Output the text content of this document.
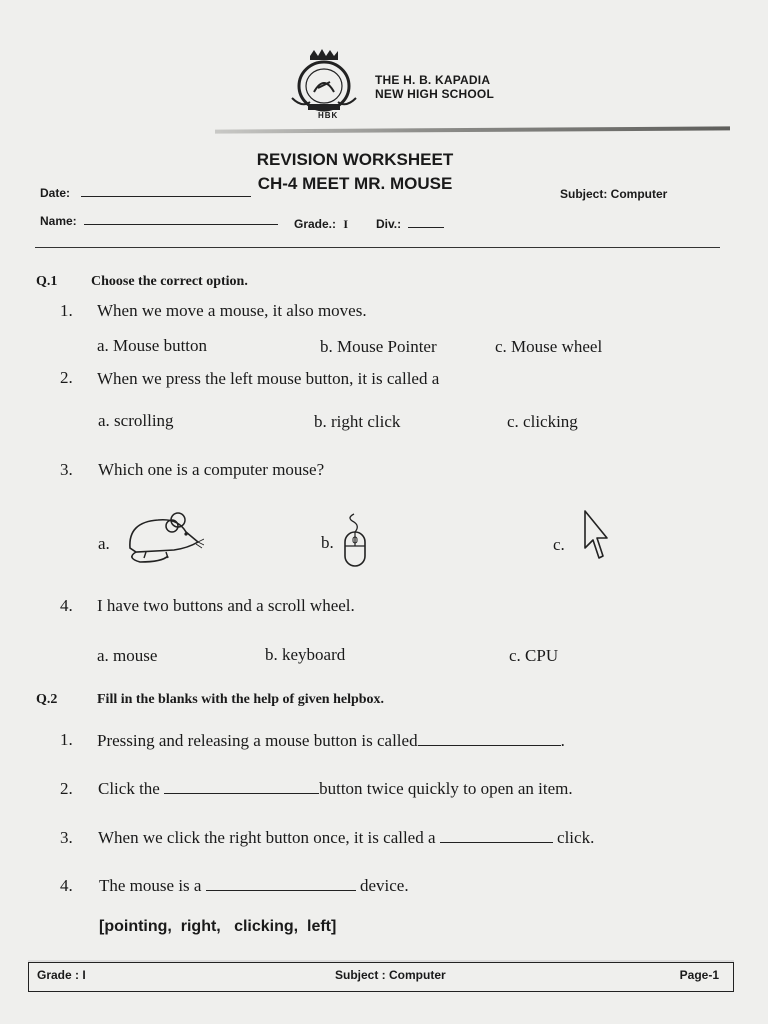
THE H. B. KAPADIA
NEW HIGH SCHOOL
HBK
REVISION WORKSHEET
CH-4 MEET MR. MOUSE
Date:	Subject: Computer
Name:	Grade.: I Div.:
Q.1 Choose the correct option.
1. When we move a mouse, it also moves.
a. Mouse button	b. Mouse Pointer	c. Mouse wheel
2. When we press the left mouse button, it is called a
a. scrolling	b. right click	c. clicking
3. Which one is a computer mouse?
a.	b.	c.
4. I have two buttons and a scroll wheel.
a. mouse	b. keyboard	c. CPU
Q.2	Fill in the blanks with the help of given helpbox.
1. Pressing and releasing a mouse button is called	.
2. Click the	button twice quickly to open an item.
3. When we click the right button once, it is called a	click.
4. The mouse is a	device.
[pointing,  right,   clicking,  left]
Grade : I	Subject : Computer	Page-1
